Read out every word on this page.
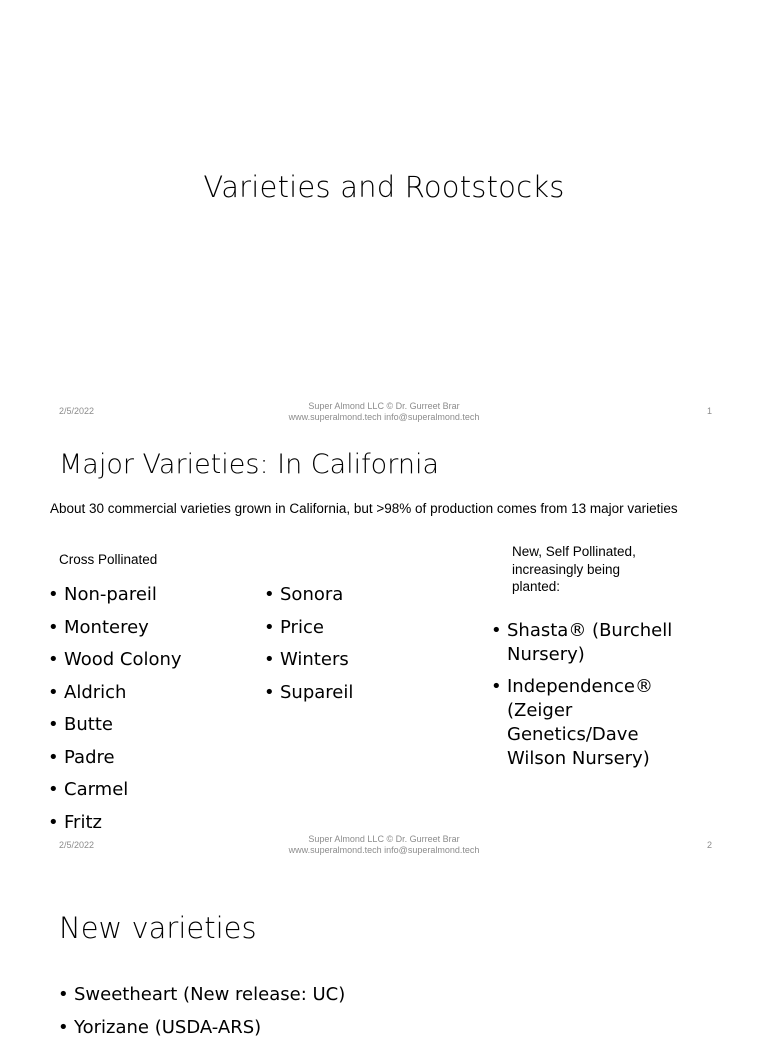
Varieties and Rootstocks
2/5/2022	Super Almond LLC © Dr. Gurreet Brar
www.superalmond.tech info@superalmond.tech
1
Major Varieties: In California
About 30 commercial varieties grown in California, but >98% of production comes from 13 major varieties
Cross Pollinated
• Non-pareil
• Monterey
• Wood Colony
• Aldrich
• Butte
• Padre
• Carmel
• Fritz
• Sonora
• Price
• Winters
• Supareil
New, Self Pollinated, increasingly being planted:
• Shasta® (Burchell Nursery)
• Independence® (Zeiger Genetics/Dave Wilson Nursery)
2/5/2022
Super Almond LLC © Dr. Gurreet Brar
www.superalmond.tech info@superalmond.tech	2
New varieties
• Sweetheart (New release: UC)
• Yorizane (USDA-ARS)
